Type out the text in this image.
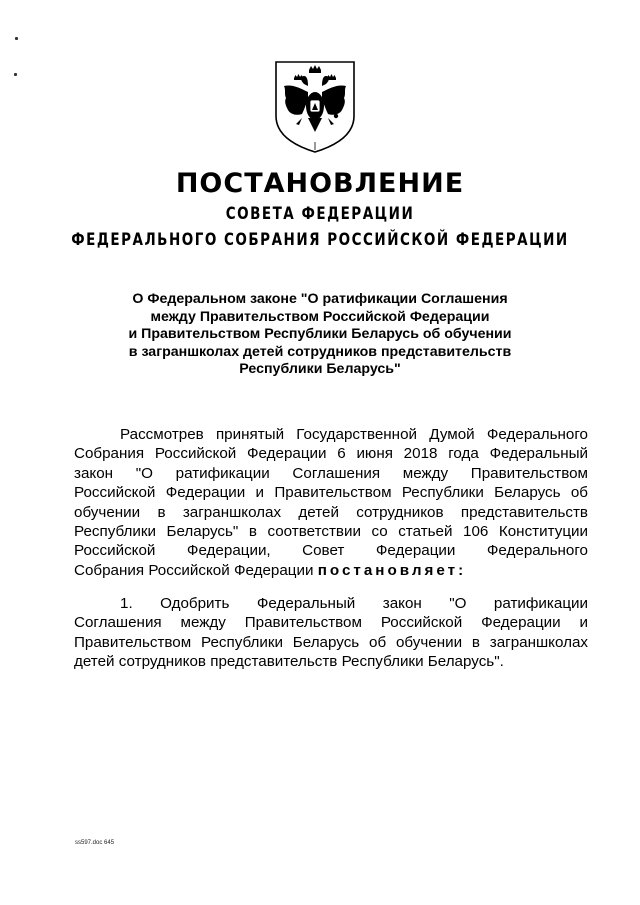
ПОСТАНОВЛЕНИЕ
СОВЕТА ФЕДЕРАЦИИ
ФЕДЕРАЛЬНОГО СОБРАНИЯ РОССИЙСКОЙ ФЕДЕРАЦИИ
О Федеральном законе "О ратификации Соглашения
между Правительством Российской Федерации
и Правительством Республики Беларусь об обучении
в заграншколах детей сотрудников представительств
Республики Беларусь"
Рассмотрев принятый Государственной Думой Федерального
Собрания Российской Федерации 6 июня 2018 года Федеральный
закон "О ратификации Соглашения между Правительством
Российской Федерации и Правительством Республики Беларусь об
обучении в заграншколах детей сотрудников представительств
Республики Беларусь" в соответствии со статьей 106 Конституции
Российской Федерации, Совет Федерации Федерального
Собрания Российской Федерации постановляет:
1. Одобрить Федеральный закон "О ратификации
Соглашения между Правительством Российской Федерации и
Правительством Республики Беларусь об обучении в заграншколах
детей сотрудников представительств Республики Беларусь".
ss597.doc 645
